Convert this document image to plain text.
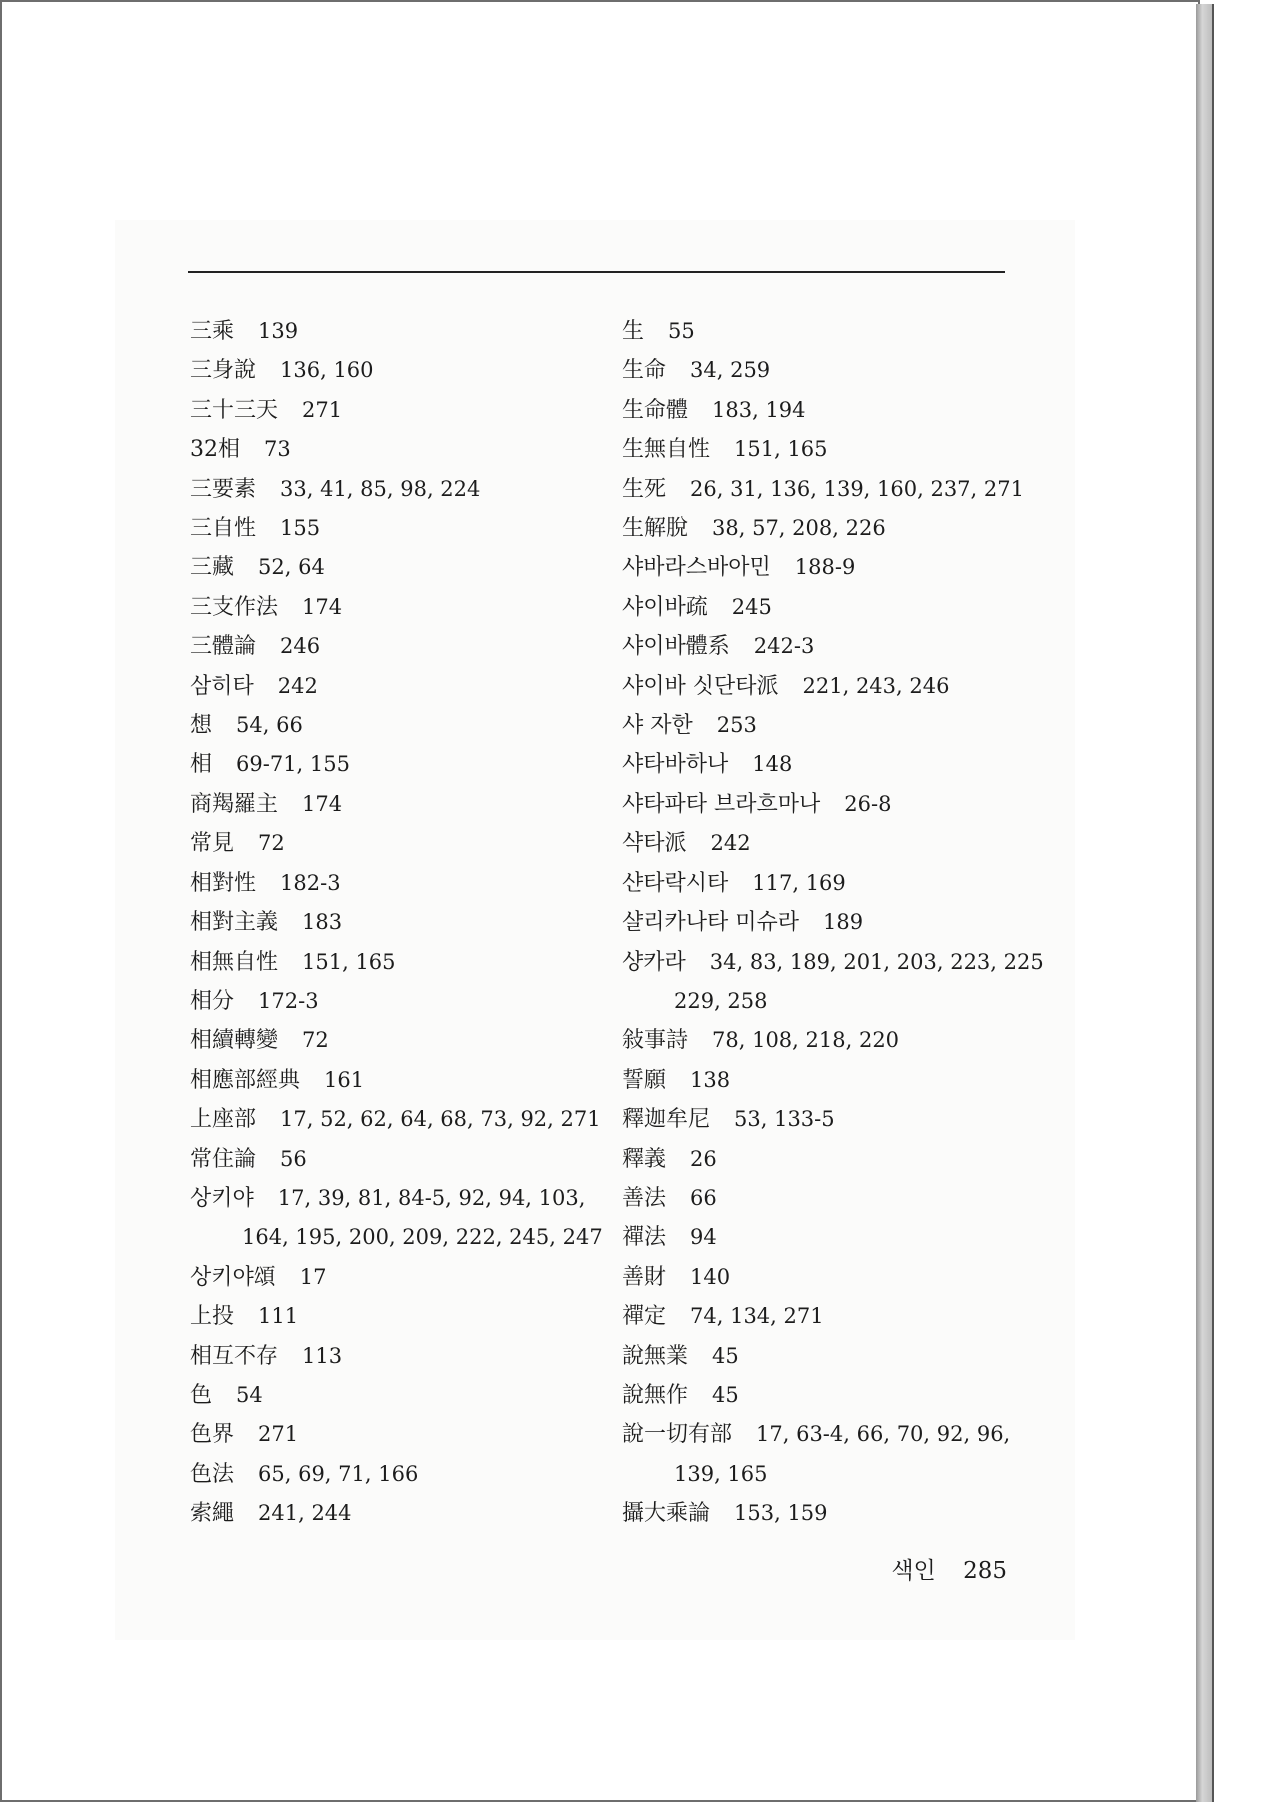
三乘 139
三身說 136, 160
三十三天 271
32相 73
三要素 33, 41, 85, 98, 224
三自性 155
三藏 52, 64
三支作法 174
三體論 246
삼히타 242
想 54, 66
相 69-71, 155
商羯羅主 174
常見 72
相對性 182-3
相對主義 183
相無自性 151, 165
相分 172-3
相續轉變 72
相應部經典 161
上座部 17, 52, 62, 64, 68, 73, 92, 271
常住論 56
상키야 17, 39, 81, 84-5, 92, 94, 103,
164, 195, 200, 209, 222, 245, 247
상키야頌 17
上投 111
相互不存 113
色 54
色界 271
色法 65, 69, 71, 166
索繩 241, 244
生 55
生命 34, 259
生命體 183, 194
生無自性 151, 165
生死 26, 31, 136, 139, 160, 237, 271
生解脫 38, 57, 208, 226
샤바라스바아민 188-9
샤이바疏 245
샤이바體系 242-3
샤이바 싯단타派 221, 243, 246
샤 자한 253
샤타바하나 148
샤타파타 브라흐마나 26-8
샥타派 242
샨타락시타 117, 169
샬리카나타 미슈라 189
샹카라 34, 83, 189, 201, 203, 223, 225
229, 258
敍事詩 78, 108, 218, 220
誓願 138
釋迦牟尼 53, 133-5
釋義 26
善法 66
禪法 94
善財 140
禪定 74, 134, 271
說無業 45
說無作 45
說一切有部 17, 63-4, 66, 70, 92, 96,
139, 165
攝大乘論 153, 159
색인 285
